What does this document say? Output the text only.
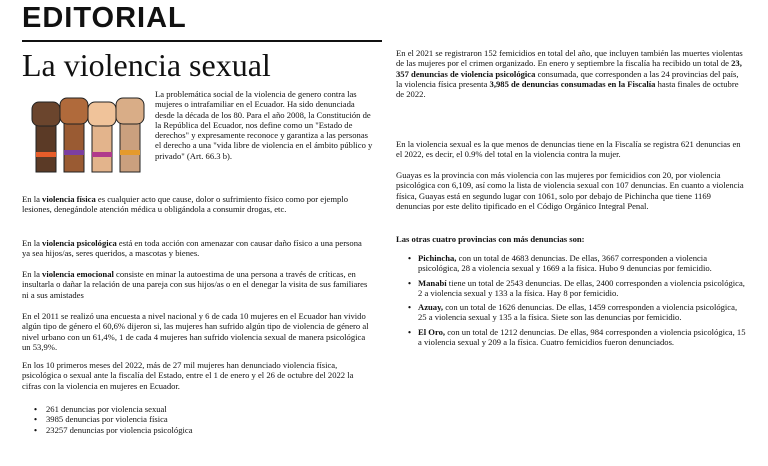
EDITORIAL
La violencia sexual

La problemática social de la violencia de genero contra las mujeres o intrafamiliar en el Ecuador. Ha sido denunciada desde la década de los 80. Para el año 2008, la Constitución de la República del Ecuador, nos define como un "Estado de derechos" y expresamente reconoce y garantiza a las personas el derecho a una "vida libre de violencia en el ámbito público y privado" (Art. 66.3 b).

En la violencia física es cualquier acto que cause, dolor o sufrimiento físico como por ejemplo lesiones, denegándole atención médica u obligándola a consumir drogas, etc.

En la violencia psicológica está en toda acción con amenazar con causar daño físico a una persona ya sea hijos/as, seres queridos, a mascotas y bienes.

En la violencia emocional consiste en minar la autoestima de una persona a través de críticas, en insultarla o dañar la relación de una pareja con sus hijos/as o en el denegar la visita de sus familiares ni a sus amistades

En el 2011 se realizó una encuesta a nivel nacional y 6 de cada 10 mujeres en el Ecuador han vivido algún tipo de género el 60,6% dijeron si, las mujeres han sufrido algún tipo de violencia de género al nivel urbano con un 61,4%, 1 de cada 4 mujeres han sufrido violencia sexual de manera psicológica un 53,9%.

En los 10 primeros meses del 2022, más de 27 mil mujeres han denunciado violencia física, psicológica o sexual ante la fiscalía del Estado, entre el 1 de enero y el 26 de octubre del 2022 la cifras con la violencia en mujeres en Ecuador.

• 261 denuncias por violencia sexual
• 3985 denuncias por violencia física
• 23257 denuncias por violencia psicológica

En el 2021 se registraron 152 femicidios en total del año, que incluyen también las muertes violentas de las mujeres por el crimen organizado. En enero y septiembre la fiscalía ha recibido un total de 23, 357 denuncias de violencia psicológica consumada, que corresponden a las 24 provincias del país, la violencia física presenta 3,985 de denuncias consumadas en la Fiscalía hasta finales de octubre de 2022.

En la violencia sexual es la que menos de denuncias tiene en la Fiscalía se registra 621 denuncias en el 2022, es decir, el 0.9% del total en la violencia contra la mujer.

Guayas es la provincia con más violencia con las mujeres por femicidios con 20, por violencia psicológica con 6,109, así como la lista de violencia sexual con 107 denuncias. En cuanto a violencia física, Guayas está en segundo lugar con 1061, solo por debajo de Pichincha que tiene 1169 denuncias por este delito tipificado en el Código Orgánico Integral Penal.

Las otras cuatro provincias con más denuncias son:

• Pichincha, con un total de 4683 denuncias. De ellas, 3667 corresponden a violencia psicológica, 28 a violencia sexual y 1669 a la física. Hubo 9 denuncias por femicidio.
• Manabí tiene un total de 2543 denuncias. De ellas, 2400 corresponden a violencia psicológica, 2 a violencia sexual y 133 a la física. Hay 8 por femicidio.
• Azuay, con un total de 1626 denuncias. De ellas, 1459 corresponden a violencia psicológica, 25 a violencia sexual y 135 a la física. Siete son las denuncias por femicidio.
• El Oro, con un total de 1212 denuncias. De ellas, 984 corresponden a violencia psicológica, 15 a violencia sexual y 209 a la física. Cuatro femicidios fueron denunciados.
